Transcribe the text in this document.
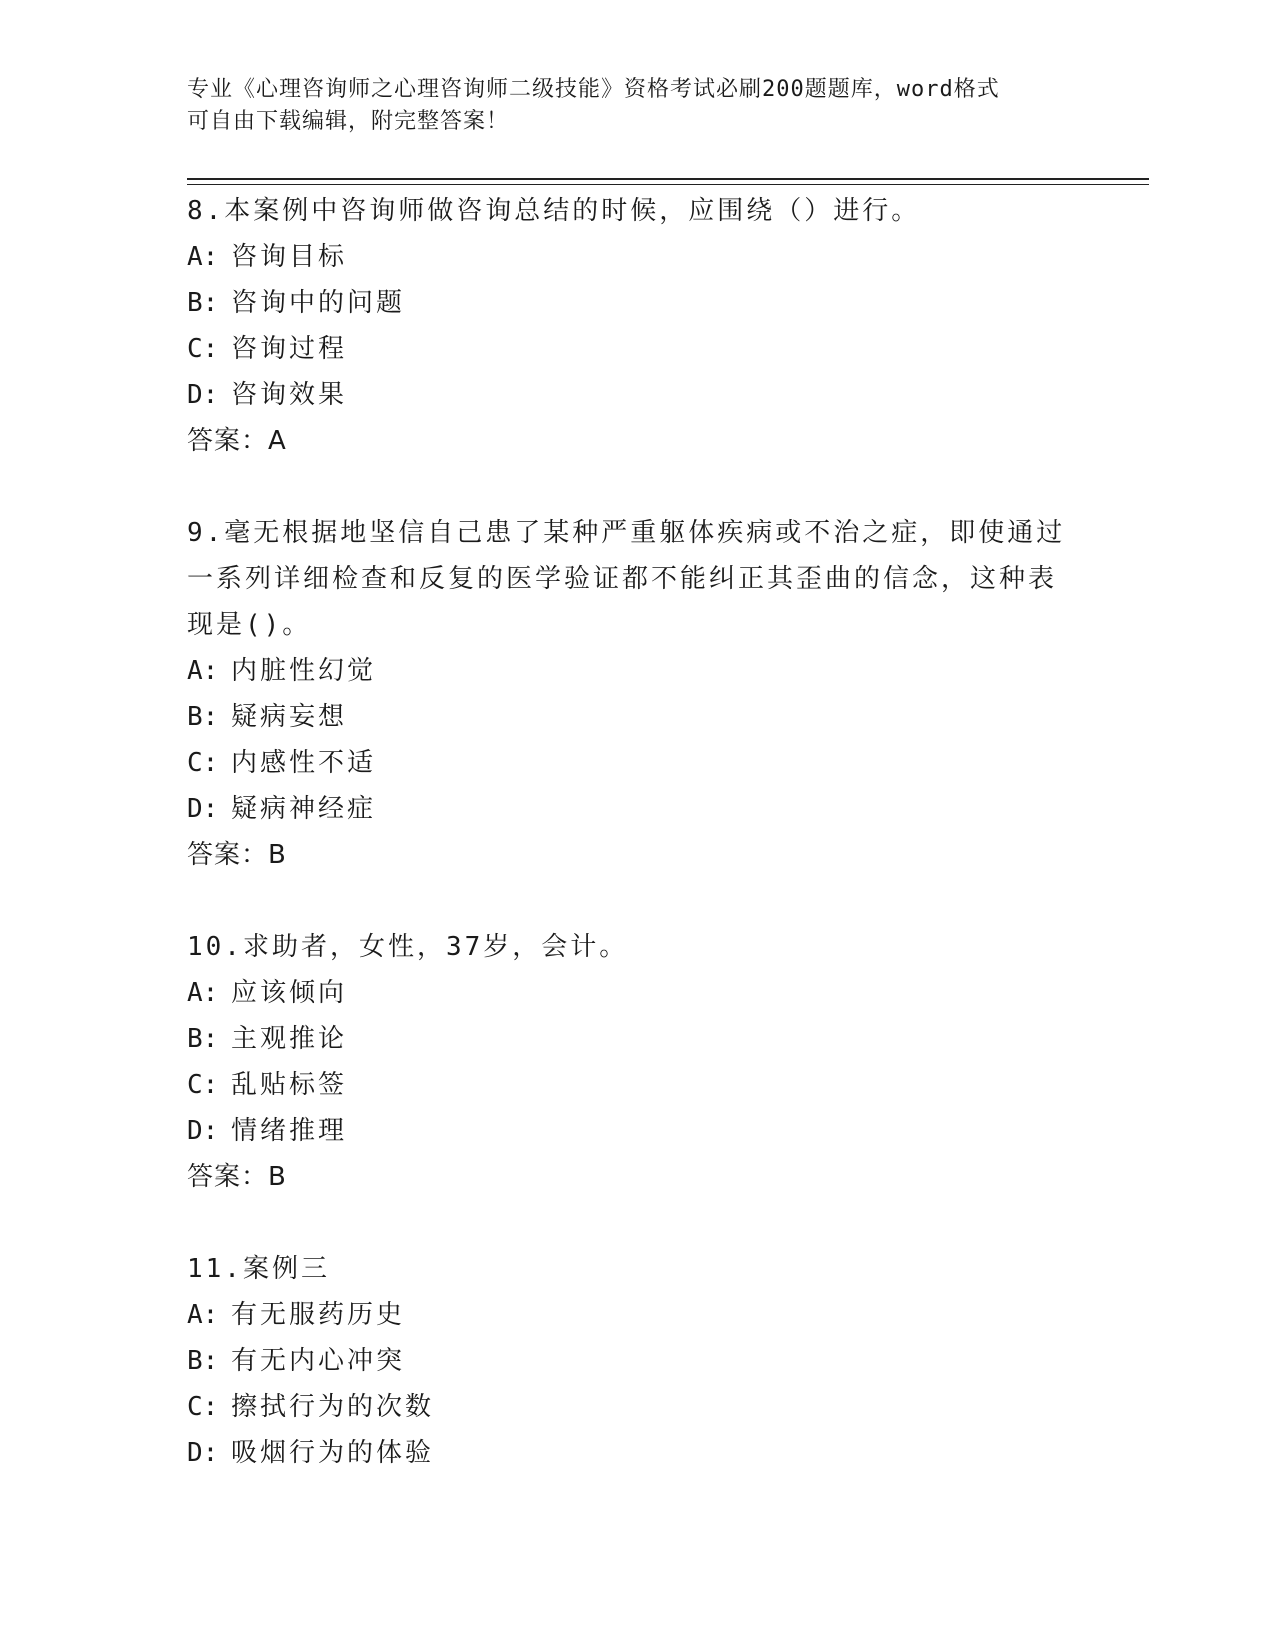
专业《心理咨询师之心理咨询师二级技能》资格考试必刷200题题库，word格式
可自由下载编辑，附完整答案！
8.本案例中咨询师做咨询总结的时候，应围绕（）进行。
A: 咨询目标
B: 咨询中的问题
C: 咨询过程
D: 咨询效果
答案：A
9.毫无根据地坚信自己患了某种严重躯体疾病或不治之症，即使通过一系列详细检查和反复的医学验证都不能纠正其歪曲的信念，这种表现是()。
A: 内脏性幻觉
B: 疑病妄想
C: 内感性不适
D: 疑病神经症
答案：B
10.求助者，女性，37岁，会计。
A: 应该倾向
B: 主观推论
C: 乱贴标签
D: 情绪推理
答案：B
11.案例三
A: 有无服药历史
B: 有无内心冲突
C: 擦拭行为的次数
D: 吸烟行为的体验
